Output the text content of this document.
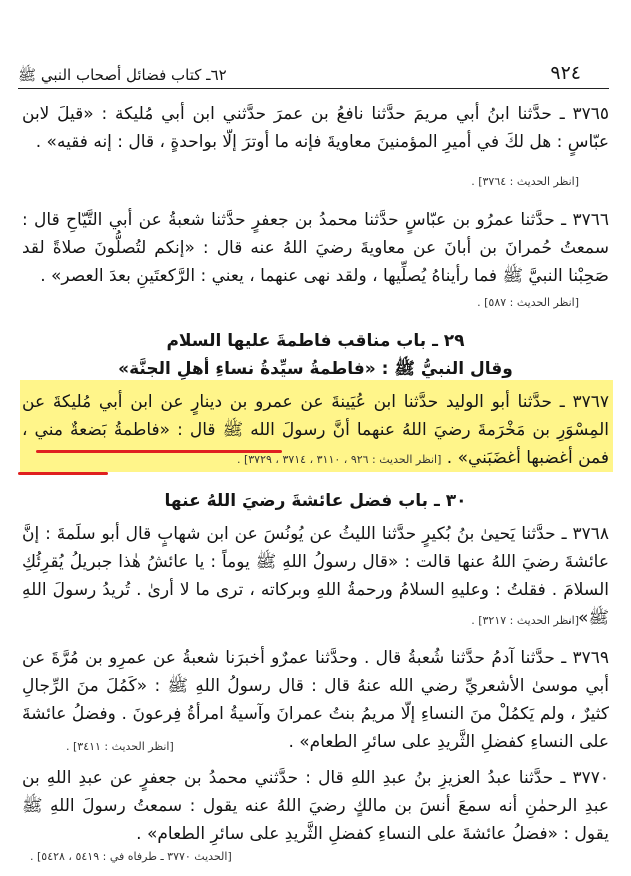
٩٢٤
٦٢ـ كتاب فضائل أصحاب النبي ﷺ

٣٧٦٥ ـ حدَّثنا ابنُ أبي مريمَ حدَّثنا نافعُ بن عمرَ حدَّثني ابن أبي مُليكة : «قيلَ لابن عبّاسٍ : هل لكَ في أميرِ المؤمنينَ معاويةَ فإنه ما أوترَ إلّا بواحدةٍ ، قال : إنه فقيه» .

[انظر الحديث : ٣٧٦٤] .

٣٧٦٦ ـ حدَّثنا عمرُو بن عبّاسٍ حدَّثنا محمدُ بن جعفرٍ حدَّثنا شعبةُ عن أبي التَّيّاحِ قال : سمعتُ حُمرانَ بن أبانَ عن معاويةَ رضيَ اللهُ عنه قال : «إنكم لتُصلُّونَ صلاةً لقد صَحِبْنا النبيَّ ﷺ فما رأيناهُ يُصلِّيها ، ولقد نهى عنهما ، يعني : الرَّكعتَينِ بعدَ العصر» .

[انظر الحديث : ٥٨٧] .

٢٩ ـ باب مناقب فاطمةَ عليها السلام

وقال النبيُّ ﷺ : «فاطمةُ سيِّدةُ نساءِ أهلِ الجنَّة»

٣٧٦٧ ـ حدَّثنا أبو الوليد حدَّثنا ابن عُيَينةَ عن عمرو بن دينارٍ عن ابن أبي مُليكةَ عن المِسْوَرِ بن مَخْرَمةَ رضيَ اللهُ عنهما أنَّ رسولَ الله ﷺ قال : «فاطمةُ بَضعةٌ مني ، فمن أغضبها أغضَبَني» . [انظر الحديث : ٩٢٦ ، ٣١١٠ ، ٣٧١٤ ، ٣٧٢٩] .

٣٠ ـ باب فضل عائشةَ رضيَ اللهُ عنها

٣٧٦٨ ـ حدَّثنا يَحيىٰ بنُ بُكيرٍ حدَّثنا الليثُ عن يُونُسَ عن ابن شهابٍ قال أبو سلَمةَ : إنَّ عائشةَ رضيَ اللهُ عنها قالت : «قال رسولُ اللهِ ﷺ يوماً : يا عائشُ هٰذا جبريلُ يُقرِئُكِ السلامَ . فقلتُ : وعليهِ السلامُ ورحمةُ اللهِ وبركاته ، ترى ما لا أرىٰ . تُريدُ رسولَ اللهِ ﷺ» .

[انظر الحديث : ٣٢١٧] .

٣٧٦٩ ـ حدَّثنا آدمُ حدَّثنا شُعبةُ قال . وحدَّثنا عمرٌو أخبرَنا شعبةُ عن عمرِو بن مُرَّةَ عن أبي موسىٰ الأشعريِّ رضي الله عنهُ قال : قال رسولُ اللهِ ﷺ : «كَمُلَ منَ الرِّجالِ كثيرٌ ، ولم يَكمُلْ منَ النساءِ إلّا مريمُ بنتُ عمرانَ وآسيةُ امرأةُ فِرعونَ . وفضلُ عائشةَ على النساءِ كفضلِ الثَّريدِ على سائرِ الطعام» .

[انظر الحديث : ٣٤١١] .

٣٧٧٠ ـ حدَّثنا عبدُ العزيزِ بنُ عبدِ اللهِ قال : حدَّثني محمدُ بن جعفرٍ عن عبدِ اللهِ بن عبدِ الرحمٰنِ أنه سمعَ أنسَ بن مالكٍ رضيَ اللهُ عنه يقول : سمعتُ رسولَ اللهِ ﷺ يقول : «فضلُ عائشةَ على النساءِ كفضلِ الثَّريدِ على سائرِ الطعام» .

[الحديث ٣٧٧٠ ـ طرفاه في : ٥٤١٩ ، ٥٤٢٨] .
